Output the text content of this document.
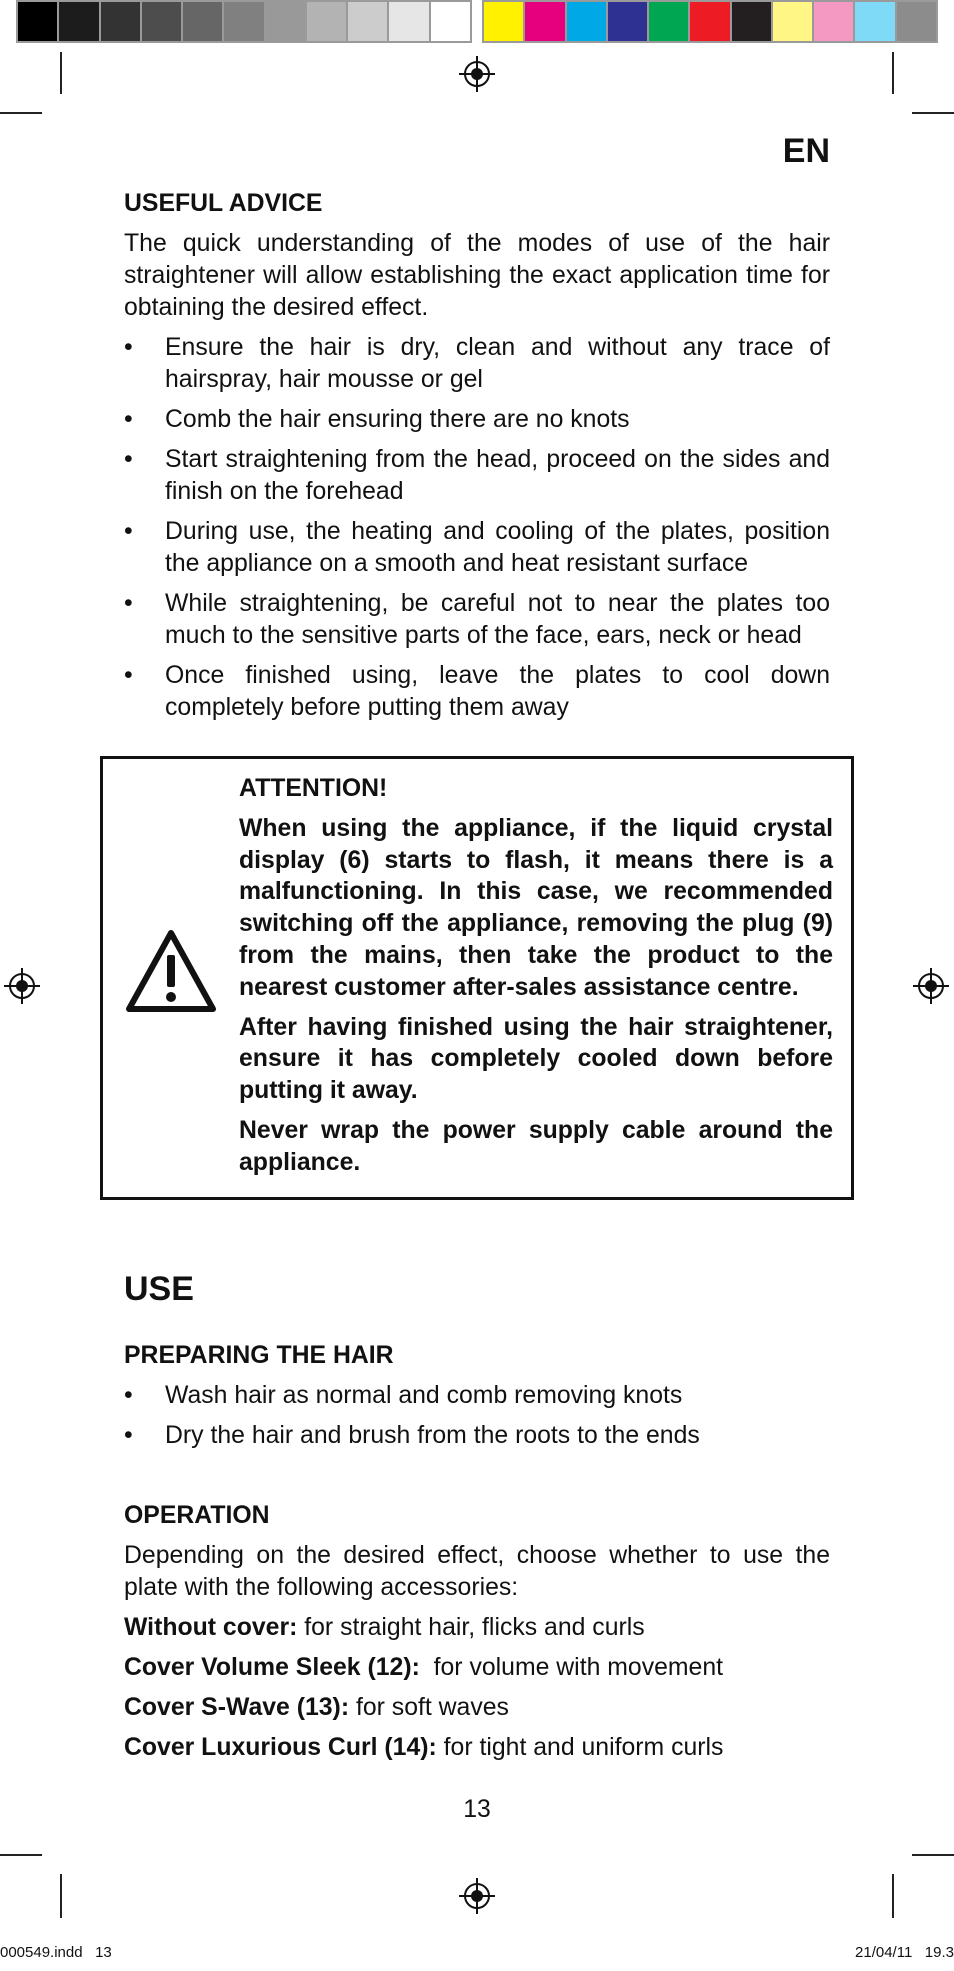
EN
USEFUL ADVICE

The quick understanding of the modes of use of the hair straightener will allow establishing the exact application time for obtaining the desired effect.

• Ensure the hair is dry, clean and without any trace of hairspray, hair mousse or gel
• Comb the hair ensuring there are no knots
• Start straightening from the head, proceed on the sides and finish on the forehead
• During use, the heating and cooling of the plates, position the appliance on a smooth and heat resistant surface
• While straightening, be careful not to near the plates too much to the sensitive parts of the face, ears, neck or head
• Once finished using, leave the plates to cool down completely before putting them away

ATTENTION!

When using the appliance, if the liquid crystal display (6) starts to flash, it means there is a malfunctioning. In this case, we recommended switching off the appliance, removing the plug (9) from the mains, then take the product to the nearest customer after-sales assistance centre.

After having finished using the hair straightener, ensure it has completely cooled down before putting it away.

Never wrap the power supply cable around the appliance.

USE
PREPARING THE HAIR
• Wash hair as normal and comb removing knots
• Dry the hair and brush from the roots to the ends
OPERATION

Depending on the desired effect, choose whether to use the plate with the following accessories:

Without cover: for straight hair, flicks and curls
Cover Volume Sleek (12):  for volume with movement
Cover S-Wave (13): for soft waves
Cover Luxurious Curl (14): for tight and uniform curls
13
000549.indd   13	21/04/11   19.3
